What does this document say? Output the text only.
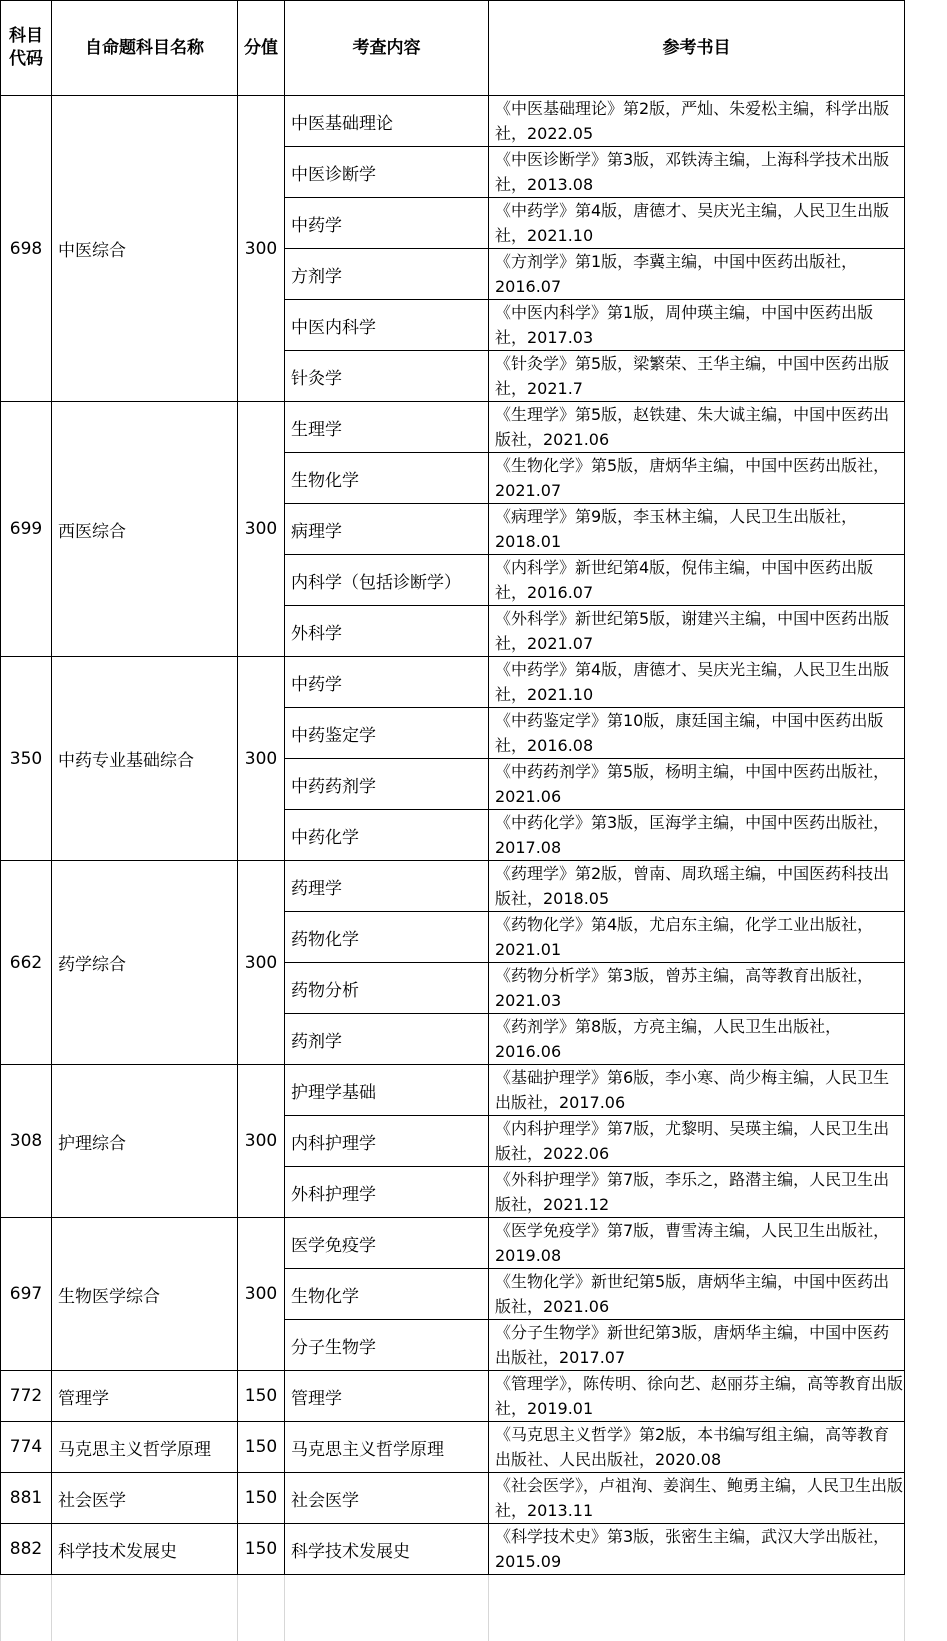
科目
代码	自命题科目名称	分值	考查内容	参考书目
698	中医综合	300	中医基础理论	《中医基础理论》第2版，严灿、朱爱松主编，科学出版社，2022.05
			中医诊断学	《中医诊断学》第3版，邓铁涛主编，上海科学技术出版社，2013.08
			中药学	《中药学》第4版，唐德才、吴庆光主编，人民卫生出版社，2021.10
			方剂学	《方剂学》第1版，李冀主编，中国中医药出版社，2016.07
			中医内科学	《中医内科学》第1版，周仲瑛主编，中国中医药出版社，2017.03
			针灸学	《针灸学》第5版，梁繁荣、王华主编，中国中医药出版社，2021.7
699	西医综合	300	生理学	《生理学》第5版，赵铁建、朱大诚主编，中国中医药出版社，2021.06
			生物化学	《生物化学》第5版，唐炳华主编，中国中医药出版社，2021.07
			病理学	《病理学》第9版，李玉林主编，人民卫生出版社，2018.01
			内科学（包括诊断学）	《内科学》新世纪第4版，倪伟主编，中国中医药出版社，2016.07
			外科学	《外科学》新世纪第5版，谢建兴主编，中国中医药出版社，2021.07
350	中药专业基础综合	300	中药学	《中药学》第4版，唐德才、吴庆光主编，人民卫生出版社，2021.10
			中药鉴定学	《中药鉴定学》第10版，康廷国主编，中国中医药出版社，2016.08
			中药药剂学	《中药药剂学》第5版，杨明主编，中国中医药出版社，2021.06
			中药化学	《中药化学》第3版，匡海学主编，中国中医药出版社，2017.08
662	药学综合	300	药理学	《药理学》第2版，曾南、周玖瑶主编，中国医药科技出版社，2018.05
			药物化学	《药物化学》第4版，尤启东主编，化学工业出版社，2021.01
			药物分析	《药物分析学》第3版，曾苏主编，高等教育出版社，2021.03
			药剂学	《药剂学》第8版，方亮主编，人民卫生出版社，2016.06
308	护理综合	300	护理学基础	《基础护理学》第6版，李小寒、尚少梅主编，人民卫生出版社，2017.06
			内科护理学	《内科护理学》第7版，尤黎明、吴瑛主编，人民卫生出版社，2022.06
			外科护理学	《外科护理学》第7版，李乐之，路潜主编，人民卫生出版社，2021.12
697	生物医学综合	300	医学免疫学	《医学免疫学》第7版，曹雪涛主编，人民卫生出版社，2019.08
			生物化学	《生物化学》新世纪第5版，唐炳华主编，中国中医药出版社，2021.06
			分子生物学	《分子生物学》新世纪第3版，唐炳华主编，中国中医药出版社，2017.07
772	管理学	150	管理学	《管理学》，陈传明、徐向艺、赵丽芬主编，高等教育出版社，2019.01
774	马克思主义哲学原理	150	马克思主义哲学原理	《马克思主义哲学》第2版，本书编写组主编，高等教育出版社、人民出版社，2020.08
881	社会医学	150	社会医学	《社会医学》，卢祖洵、姜润生、鲍勇主编，人民卫生出版社，2013.11
882	科学技术发展史	150	科学技术发展史	《科学技术史》第3版，张密生主编，武汉大学出版社，2015.09
